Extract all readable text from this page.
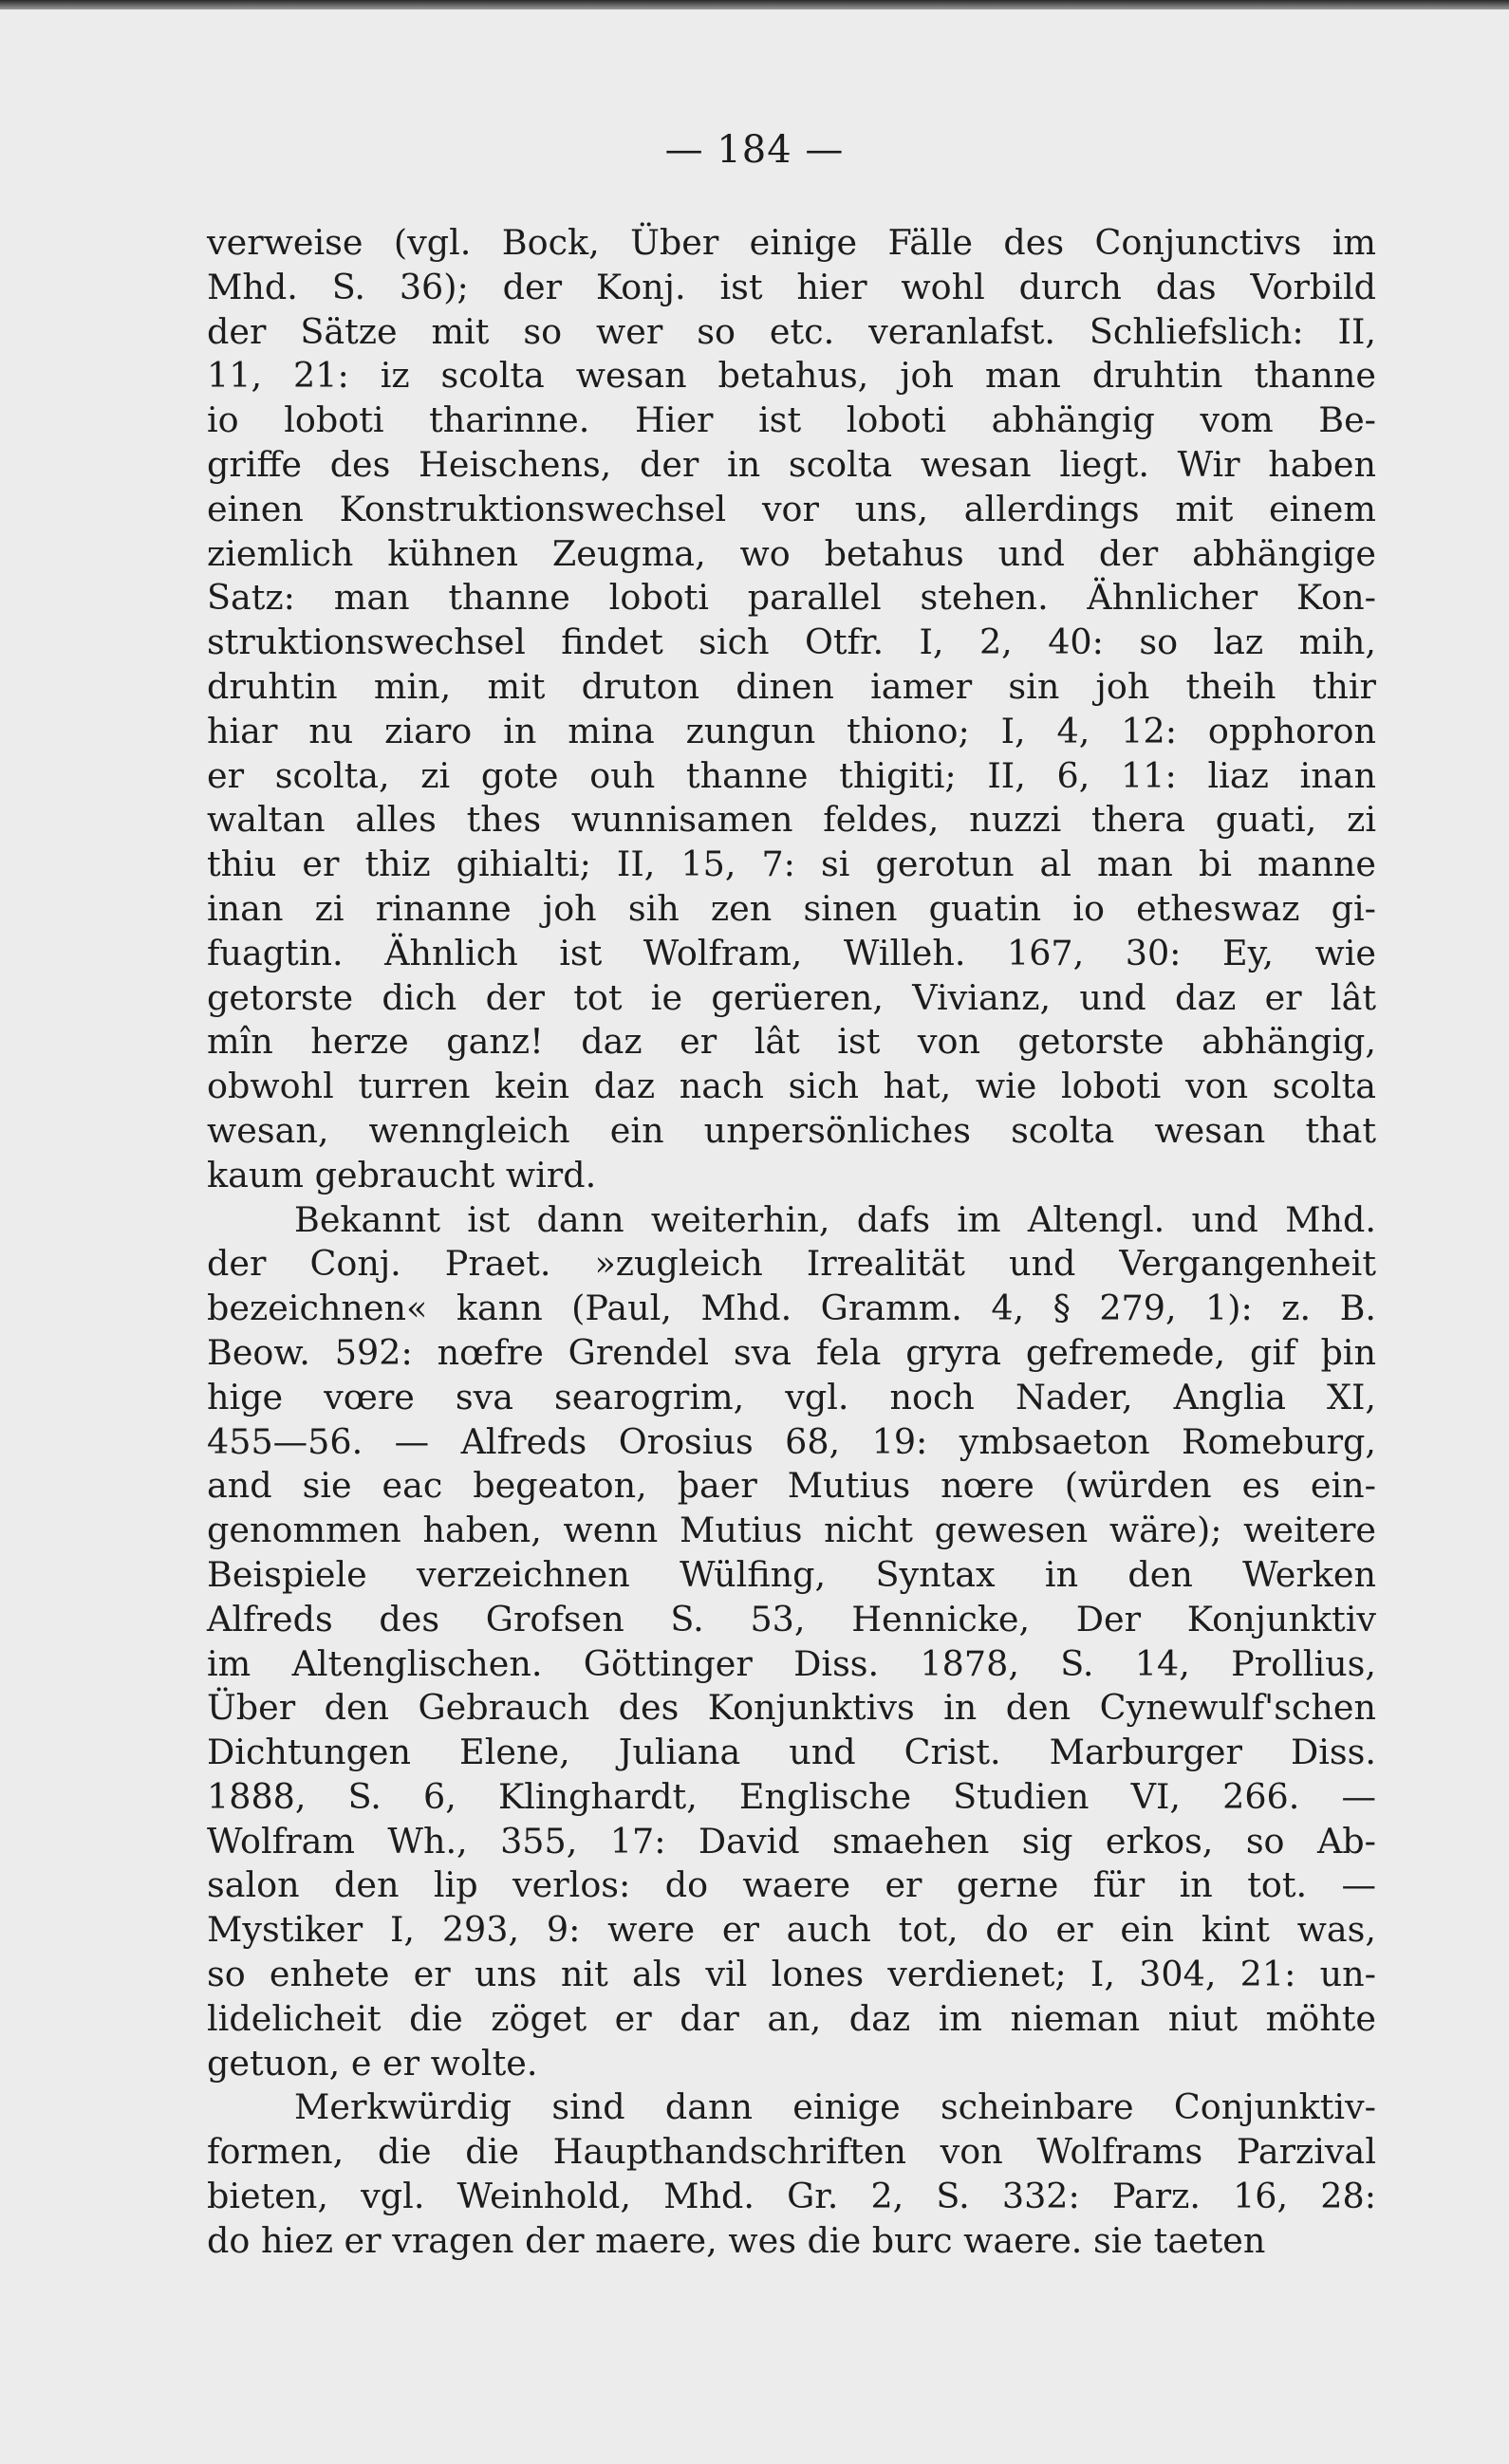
— 184 —
verweise (vgl. Bock, Über einige Fälle des Conjunctivs im
Mhd. S. 36); der Konj. ist hier wohl durch das Vorbild
der Sätze mit so wer so etc. veranlafst. Schliefslich: II,
11, 21: iz scolta wesan betahus, joh man druhtin thanne
io loboti tharinne. Hier ist loboti abhängig vom Be-
griffe des Heischens, der in scolta wesan liegt. Wir haben
einen Konstruktionswechsel vor uns, allerdings mit einem
ziemlich kühnen Zeugma, wo betahus und der abhängige
Satz: man thanne loboti parallel stehen. Ähnlicher Kon-
struktionswechsel findet sich Otfr. I, 2, 40: so laz mih,
druhtin min, mit druton dinen iamer sin joh theih thir
hiar nu ziaro in mina zungun thiono; I, 4, 12: opphoron
er scolta, zi gote ouh thanne thigiti; II, 6, 11: liaz inan
waltan alles thes wunnisamen feldes, nuzzi thera guati, zi
thiu er thiz gihialti; II, 15, 7: si gerotun al man bi manne
inan zi rinanne joh sih zen sinen guatin io etheswaz gi-
fuagtin. Ähnlich ist Wolfram, Willeh. 167, 30: Ey, wie
getorste dich der tot ie gerüeren, Vivianz, und daz er lât
mîn herze ganz! daz er lât ist von getorste abhängig,
obwohl turren kein daz nach sich hat, wie loboti von scolta
wesan, wenngleich ein unpersönliches scolta wesan that
kaum gebraucht wird.
Bekannt ist dann weiterhin, dafs im Altengl. und Mhd.
der Conj. Praet. »zugleich Irrealität und Vergangenheit
bezeichnen« kann (Paul, Mhd. Gramm. 4, § 279, 1): z. B.
Beow. 592: nœfre Grendel sva fela gryra gefremede, gif þin
hige vœre sva searogrim, vgl. noch Nader, Anglia XI,
455—56. — Alfreds Orosius 68, 19: ymbsaeton Romeburg,
and sie eac begeaton, þaer Mutius nœre (würden es ein-
genommen haben, wenn Mutius nicht gewesen wäre); weitere
Beispiele verzeichnen Wülfing, Syntax in den Werken
Alfreds des Grofsen S. 53, Hennicke, Der Konjunktiv
im Altenglischen. Göttinger Diss. 1878, S. 14, Prollius,
Über den Gebrauch des Konjunktivs in den Cynewulf'schen
Dichtungen Elene, Juliana und Crist. Marburger Diss.
1888, S. 6, Klinghardt, Englische Studien VI, 266. —
Wolfram Wh., 355, 17: David smaehen sig erkos, so Ab-
salon den lip verlos: do waere er gerne für in tot. —
Mystiker I, 293, 9: were er auch tot, do er ein kint was,
so enhete er uns nit als vil lones verdienet; I, 304, 21: un-
lidelicheit die zöget er dar an, daz im nieman niut möhte
getuon, e er wolte.
Merkwürdig sind dann einige scheinbare Conjunktiv-
formen, die die Haupthandschriften von Wolframs Parzival
bieten, vgl. Weinhold, Mhd. Gr. 2, S. 332: Parz. 16, 28:
do hiez er vragen der maere, wes die burc waere. sie taeten
